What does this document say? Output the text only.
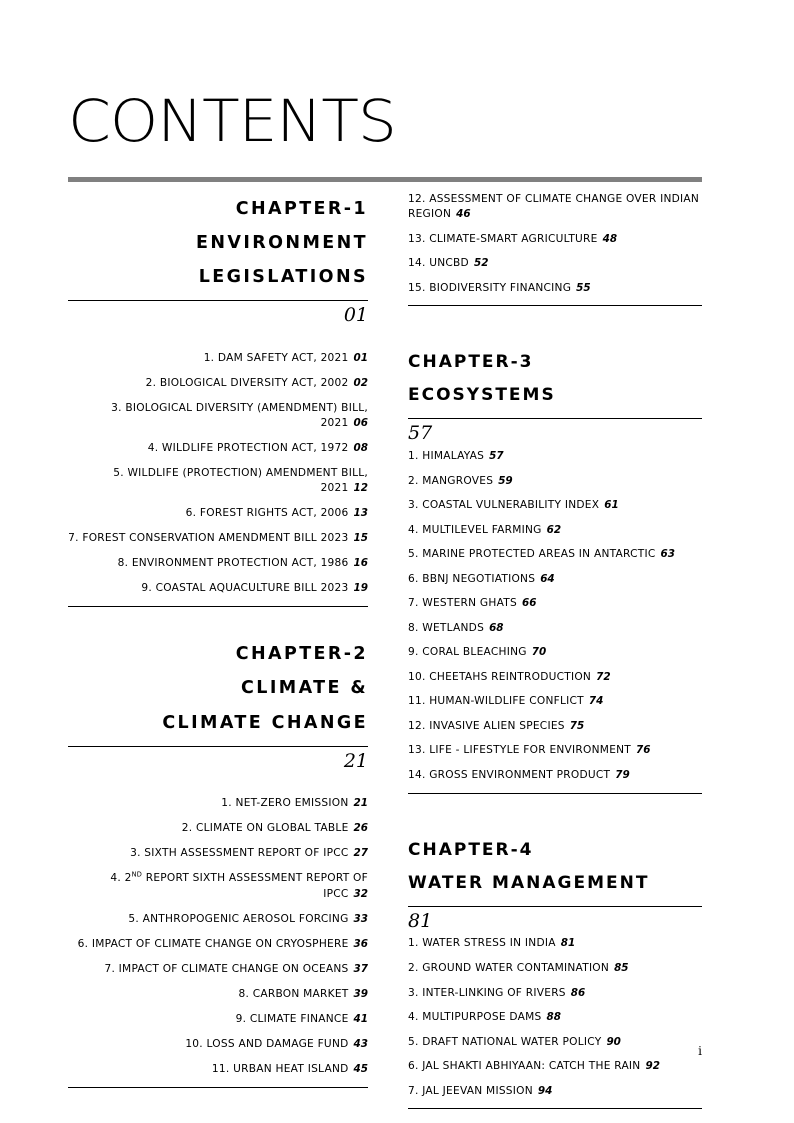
CONTENTS
CHAPTER-1
ENVIRONMENT
LEGISLATIONS
01
1. DAM SAFETY ACT, 2021 01
2. BIOLOGICAL DIVERSITY ACT, 2002 02
3. BIOLOGICAL DIVERSITY (AMENDMENT) BILL, 2021 06
4. WILDLIFE PROTECTION ACT, 1972 08
5. WILDLIFE (PROTECTION) AMENDMENT BILL, 2021 12
6. FOREST RIGHTS ACT, 2006 13
7. FOREST CONSERVATION AMENDMENT BILL 2023 15
8. ENVIRONMENT PROTECTION ACT, 1986 16
9. COASTAL AQUACULTURE BILL 2023 19
CHAPTER-2
CLIMATE &
CLIMATE CHANGE
21
1. NET-ZERO EMISSION 21
2. CLIMATE ON GLOBAL TABLE 26
3. SIXTH ASSESSMENT REPORT OF IPCC 27
4. 2ND REPORT SIXTH ASSESSMENT REPORT OF IPCC 32
5. ANTHROPOGENIC AEROSOL FORCING 33
6. IMPACT OF CLIMATE CHANGE ON CRYOSPHERE 36
7. IMPACT OF CLIMATE CHANGE ON OCEANS 37
8. CARBON MARKET 39
9. CLIMATE FINANCE 41
10. LOSS AND DAMAGE FUND 43
11. URBAN HEAT ISLAND 45
12. ASSESSMENT OF CLIMATE CHANGE OVER INDIAN REGION 46
13. CLIMATE-SMART AGRICULTURE 48
14. UNCBD 52
15. BIODIVERSITY FINANCING 55
CHAPTER-3
ECOSYSTEMS
57
1. HIMALAYAS 57
2. MANGROVES 59
3. COASTAL VULNERABILITY INDEX 61
4. MULTILEVEL FARMING 62
5. MARINE PROTECTED AREAS IN ANTARCTIC 63
6. BBNJ NEGOTIATIONS 64
7. WESTERN GHATS 66
8. WETLANDS 68
9. CORAL BLEACHING 70
10. CHEETAHS REINTRODUCTION 72
11. HUMAN-WILDLIFE CONFLICT 74
12. INVASIVE ALIEN SPECIES 75
13. LIFE - LIFESTYLE FOR ENVIRONMENT 76
14. GROSS ENVIRONMENT PRODUCT 79
CHAPTER-4
WATER MANAGEMENT
81
1. WATER STRESS IN INDIA 81
2. GROUND WATER CONTAMINATION 85
3. INTER-LINKING OF RIVERS 86
4. MULTIPURPOSE DAMS 88
5. DRAFT NATIONAL WATER POLICY 90
6. JAL SHAKTI ABHIYAAN: CATCH THE RAIN 92
7. JAL JEEVAN MISSION 94
i
